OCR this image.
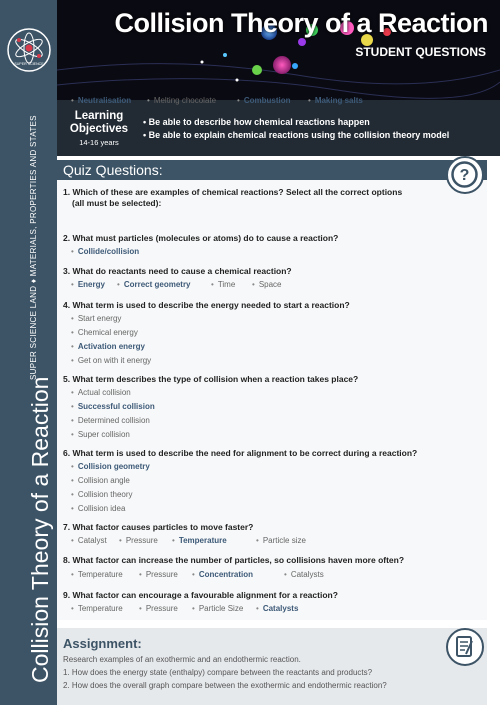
SUPER SCIENCE
SUPER SCIENCE LAND ♦ MATERIALS, PROPERTIES AND STATES
Collision Theory of a Reaction
Collision Theory of a Reaction
STUDENT QUESTIONS
Learning Objectives
14-16 years
• Be able to describe how chemical reactions happen
• Be able to explain chemical reactions using the collision theory model
Quiz Questions:	?
1. Which of these are examples of chemical reactions? Select all the correct options
(all must be selected):
• Neutralisation	• Melting chocolate	• Combustion	• Making salts
2. What must particles (molecules or atoms) do to cause a reaction?
• Collide/collision
3. What do reactants need to cause a chemical reaction?
• Energy	• Correct geometry	• Time	• Space
4. What term is used to describe the energy needed to start a reaction?
• Start energy
• Chemical energy
• Activation energy
• Get on with it energy
5. What term describes the type of collision when a reaction takes place?
• Actual collision
• Successful collision
• Determined collision
• Super collision
6. What term is used to describe the need for alignment to be correct during a reaction?
• Collision geometry
• Collision angle
• Collision theory
• Collision idea
7. What factor causes particles to move faster?
• Catalyst	• Pressure	• Temperature	• Particle size
8. What factor can increase the number of particles, so collisions haven more often?
• Temperature	• Pressure	• Concentration	• Catalysts
9. What factor can encourage a favourable alignment for a reaction?
• Temperature	• Pressure	• Particle Size	• Catalysts
Assignment:
Research examples of an exothermic and an endothermic reaction.
1. How does the energy state (enthalpy) compare between the reactants and products?
2. How does the overall graph compare between the exothermic and endothermic reaction?
